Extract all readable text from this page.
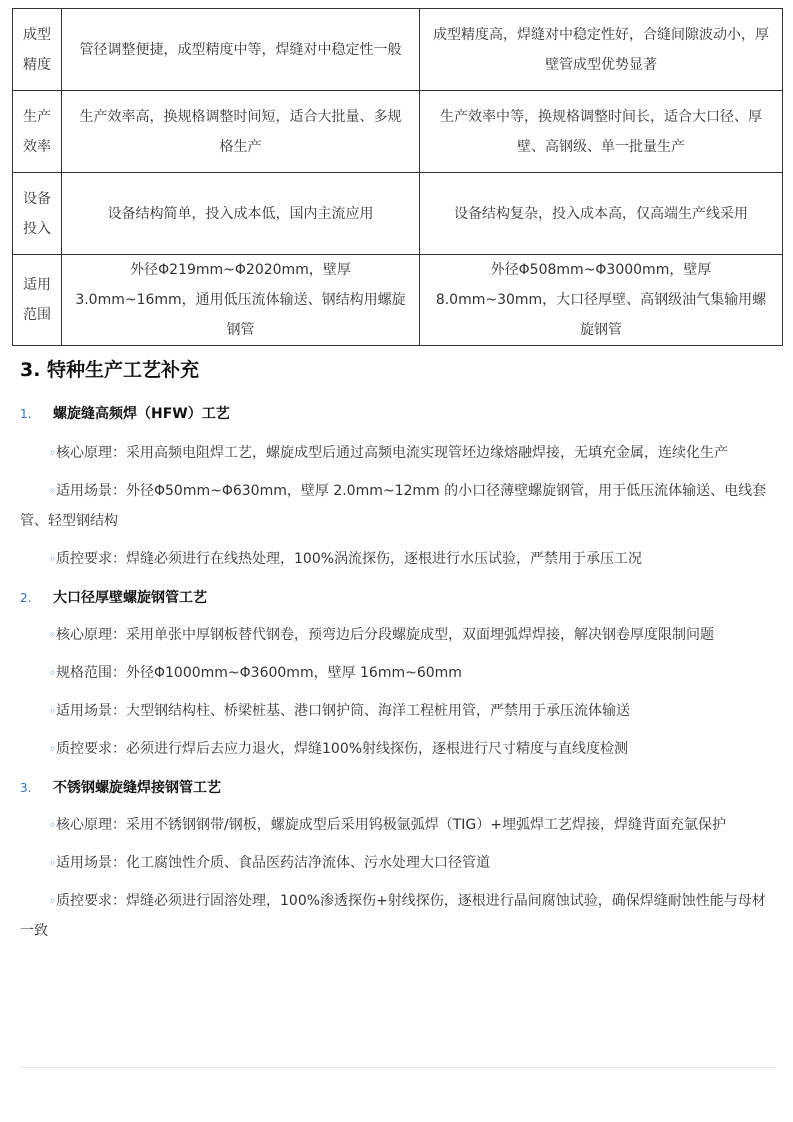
成型精度	管径调整便捷，成型精度中等，焊缝对中稳定性一般	成型精度高，焊缝对中稳定性好，合缝间隙波动小，厚壁管成型优势显著
生产效率	生产效率高，换规格调整时间短，适合大批量、多规格生产	生产效率中等，换规格调整时间长，适合大口径、厚壁、高钢级、单一批量生产
设备投入	设备结构简单，投入成本低，国内主流应用	设备结构复杂，投入成本高，仅高端生产线采用
适用范围	外径Φ219mm~Φ2020mm，壁厚 3.0mm~16mm，通用低压流体输送、钢结构用螺旋钢管	外径Φ508mm~Φ3000mm，壁厚 8.0mm~30mm，大口径厚壁、高钢级油气集输用螺旋钢管
3. 特种生产工艺补充
1. 螺旋缝高频焊（HFW）工艺
◦ 核心原理：采用高频电阻焊工艺，螺旋成型后通过高频电流实现管坯边缘熔融焊接，无填充金属，连续化生产
◦ 适用场景：外径Φ50mm~Φ630mm，壁厚 2.0mm~12mm 的小口径薄壁螺旋钢管，用于低压流体输送、电线套管、轻型钢结构
◦ 质控要求：焊缝必须进行在线热处理，100%涡流探伤，逐根进行水压试验，严禁用于承压工况
2. 大口径厚壁螺旋钢管工艺
◦ 核心原理：采用单张中厚钢板替代钢卷，预弯边后分段螺旋成型，双面埋弧焊焊接，解决钢卷厚度限制问题
◦ 规格范围：外径Φ1000mm~Φ3600mm，壁厚 16mm~60mm
◦ 适用场景：大型钢结构柱、桥梁桩基、港口钢护筒、海洋工程桩用管，严禁用于承压流体输送
◦ 质控要求：必须进行焊后去应力退火，焊缝100%射线探伤，逐根进行尺寸精度与直线度检测
3. 不锈钢螺旋缝焊接钢管工艺
◦ 核心原理：采用不锈钢钢带/钢板，螺旋成型后采用钨极氩弧焊（TIG）+埋弧焊工艺焊接，焊缝背面充氩保护
◦ 适用场景：化工腐蚀性介质、食品医药洁净流体、污水处理大口径管道
◦ 质控要求：焊缝必须进行固溶处理，100%渗透探伤+射线探伤，逐根进行晶间腐蚀试验，确保焊缝耐蚀性能与母材一致
